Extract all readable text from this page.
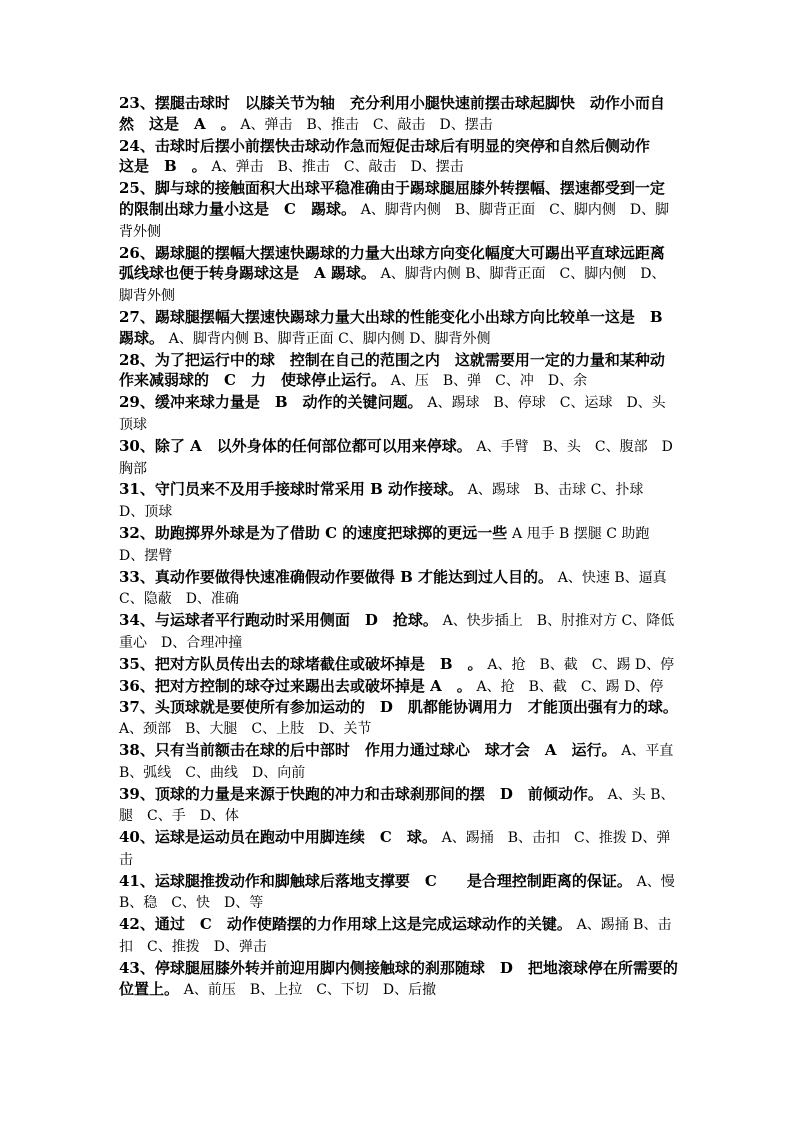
23、摆腿击球时　以膝关节为轴　充分利用小腿快速前摆击球起脚快　动作小而自然　这是　A　。 A、弹击　B、推击　C、敲击　D、摆击

24、击球时后摆小前摆快击球动作急而短促击球后有明显的突停和自然后侧动作　这是　B　。 A、弹击　B、推击　C、敲击　D、摆击

25、脚与球的接触面积大出球平稳准确由于踢球腿屈膝外转摆幅、摆速都受到一定的限制出球力量小这是　C　踢球。 A、脚背内侧　B、脚背正面　C、脚内侧　D、脚背外侧

26、踢球腿的摆幅大摆速快踢球的力量大出球方向变化幅度大可踢出平直球远距离弧线球也便于转身踢球这是　A 踢球。 A、脚背内侧 B、脚背正面　C、脚内侧　D、脚背外侧

27、踢球腿摆幅大摆速快踢球力量大出球的性能变化小出球方向比较单一这是　B　踢球。 A、脚背内侧 B、脚背正面 C、脚内侧 D、脚背外侧

28、为了把运行中的球　控制在自己的范围之内　这就需要用一定的力量和某种动作来减弱球的　C　力　使球停止运行。 A、压　B、弹　C、冲　D、余

29、缓冲来球力量是　B　动作的关键问题。 A、踢球　B、停球　C、运球　D、头顶球

30、除了 A　以外身体的任何部位都可以用来停球。 A、手臂　B、头　C、腹部　D 胸部

31、守门员来不及用手接球时常采用 B 动作接球。 A、踢球　B、击球 C、扑球　D、顶球

32、助跑掷界外球是为了借助 C 的速度把球掷的更远一些 A 甩手 B 摆腿 C 助跑 D、摆臂

33、真动作要做得快速准确假动作要做得 B 才能达到过人目的。 A、快速 B、逼真　C、隐蔽　D、准确

34、与运球者平行跑动时采用侧面　D　抢球。 A、快步插上　B、肘推对方 C、降低重心　D、合理冲撞

35、把对方队员传出去的球堵截住或破坏掉是　B　。 A、抢　B、截　C、踢 D、停

36、把对方控制的球夺过来踢出去或破坏掉是 A　。 A、抢　B、截　C、踢 D、停

37、头顶球就是要使所有参加运动的　D　肌都能协调用力　才能顶出强有力的球。 A、颈部　B、大腿　C、上肢　D、关节

38、只有当前额击在球的后中部时　作用力通过球心　球才会　A　运行。 A、平直　B、弧线　C、曲线　D、向前

39、顶球的力量是来源于快跑的冲力和击球刹那间的摆　D　前倾动作。 A、头 B、腿　C、手　D、体

40、运球是运动员在跑动中用脚连续　C　球。 A、踢捅　B、击扣　C、推拨 D、弹击

41、运球腿推拨动作和脚触球后落地支撑要　C　　是合理控制距离的保证。 A、慢　B、稳　C、快　D、等

42、通过　C　动作使踏摆的力作用球上这是完成运球动作的关键。 A、踢捅 B、击扣　C、推拨　D、弹击

43、停球腿屈膝外转并前迎用脚内侧接触球的刹那随球　D　把地滚球停在所需要的位置上。 A、前压　B、上拉　C、下切　D、后撤
